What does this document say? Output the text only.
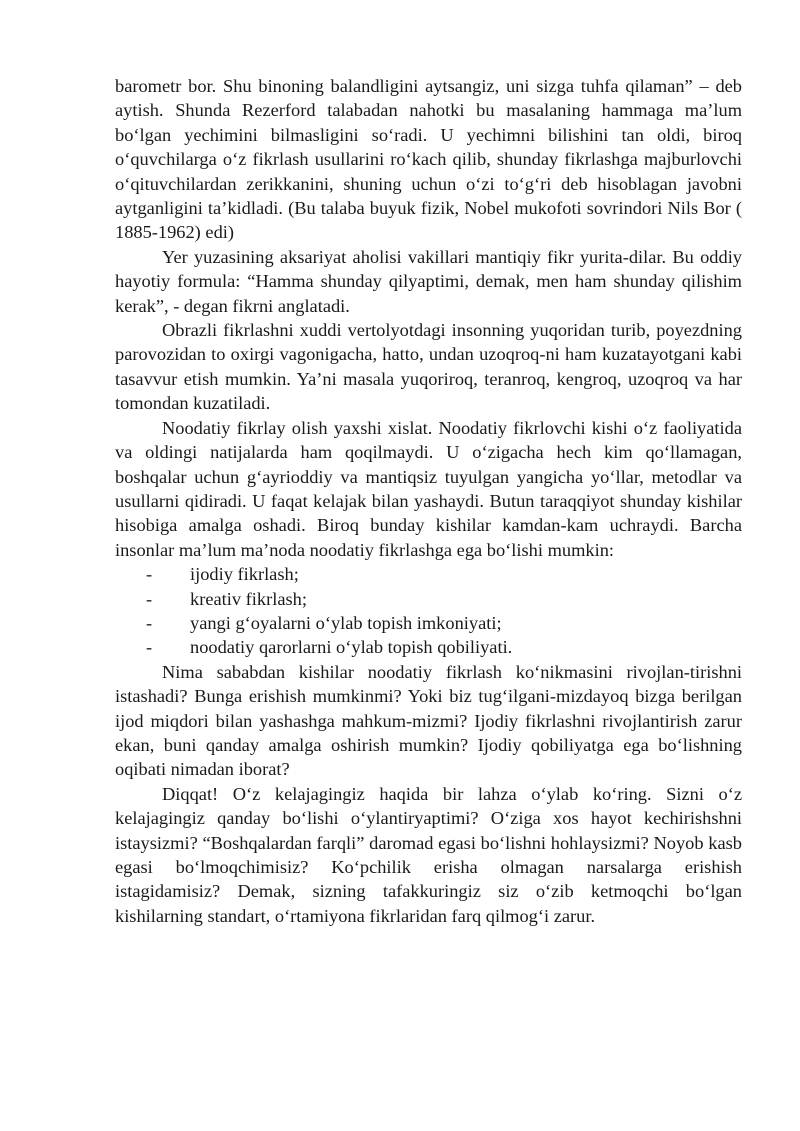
barometr bor. Shu binoning balandligini aytsangiz, uni sizga tuhfa qilaman” – deb aytish. Shunda Rezerford talabadan nahotki bu masalaning hammaga ma’lum bo‘lgan yechimini bilmasligini so‘radi. U yechimni bilishini tan oldi, biroq o‘quvchilarga o‘z fikrlash usullarini ro‘kach qilib, shunday fikrlashga majburlovchi o‘qituvchilardan zerikkanini, shuning uchun o‘zi to‘g‘ri deb hisoblagan javobni aytganligini ta’kidladi. (Bu talaba buyuk fizik, Nobel mukofoti sovrindori Nils Bor ( 1885-1962) edi)

Yer yuzasining aksariyat aholisi vakillari mantiqiy fikr yurita-dilar. Bu oddiy hayotiy formula: “Hamma shunday qilyaptimi, demak, men ham shunday qilishim kerak”, - degan fikrni anglatadi.

Obrazli fikrlashni xuddi vertolyotdagi insonning yuqoridan turib, poyezdning parovozidan to oxirgi vagonigacha, hatto, undan uzoqroq-ni ham kuzatayotgani kabi tasavvur etish mumkin. Ya’ni masala yuqoriroq, teranroq, kengroq, uzoqroq va har tomondan kuzatiladi.

Noodatiy fikrlay olish yaxshi xislat. Noodatiy fikrlovchi kishi o‘z faoliyatida va oldingi natijalarda ham qoqilmaydi. U o‘zigacha hech kim qo‘llamagan, boshqalar uchun g‘ayrioddiy va mantiqsiz tuyulgan yangicha yo‘llar, metodlar va usullarni qidiradi. U faqat kelajak bilan yashaydi. Butun taraqqiyot shunday kishilar hisobiga amalga oshadi. Biroq bunday kishilar kamdan-kam uchraydi. Barcha insonlar ma’lum ma’noda noodatiy fikrlashga ega bo‘lishi mumkin:

- ijodiy fikrlash;
- kreativ fikrlash;
- yangi g‘oyalarni o‘ylab topish imkoniyati;
- noodatiy qarorlarni o‘ylab topish qobiliyati.

Nima sababdan kishilar noodatiy fikrlash ko‘nikmasini rivojlan-tirishni istashadi? Bunga erishish mumkinmi? Yoki biz tug‘ilgani-mizdayoq bizga berilgan ijod miqdori bilan yashashga mahkum-mizmi? Ijodiy fikrlashni rivojlantirish zarur ekan, buni qanday amalga oshirish mumkin? Ijodiy qobiliyatga ega bo‘lishning oqibati nimadan iborat?

Diqqat! O‘z kelajagingiz haqida bir lahza o‘ylab ko‘ring. Sizni o‘z kelajagingiz qanday bo‘lishi o‘ylantiryaptimi? O‘ziga xos hayot kechirishshni istaysizmi? “Boshqalardan farqli” daromad egasi bo‘lishni hohlaysizmi? Noyob kasb egasi bo‘lmoqchimisiz? Ko‘pchilik erisha olmagan narsalarga erishish istagidamisiz? Demak, sizning tafakkuringiz siz o‘zib ketmoqchi bo‘lgan kishilarning standart, o‘rtamiyona fikrlaridan farq qilmog‘i zarur.
